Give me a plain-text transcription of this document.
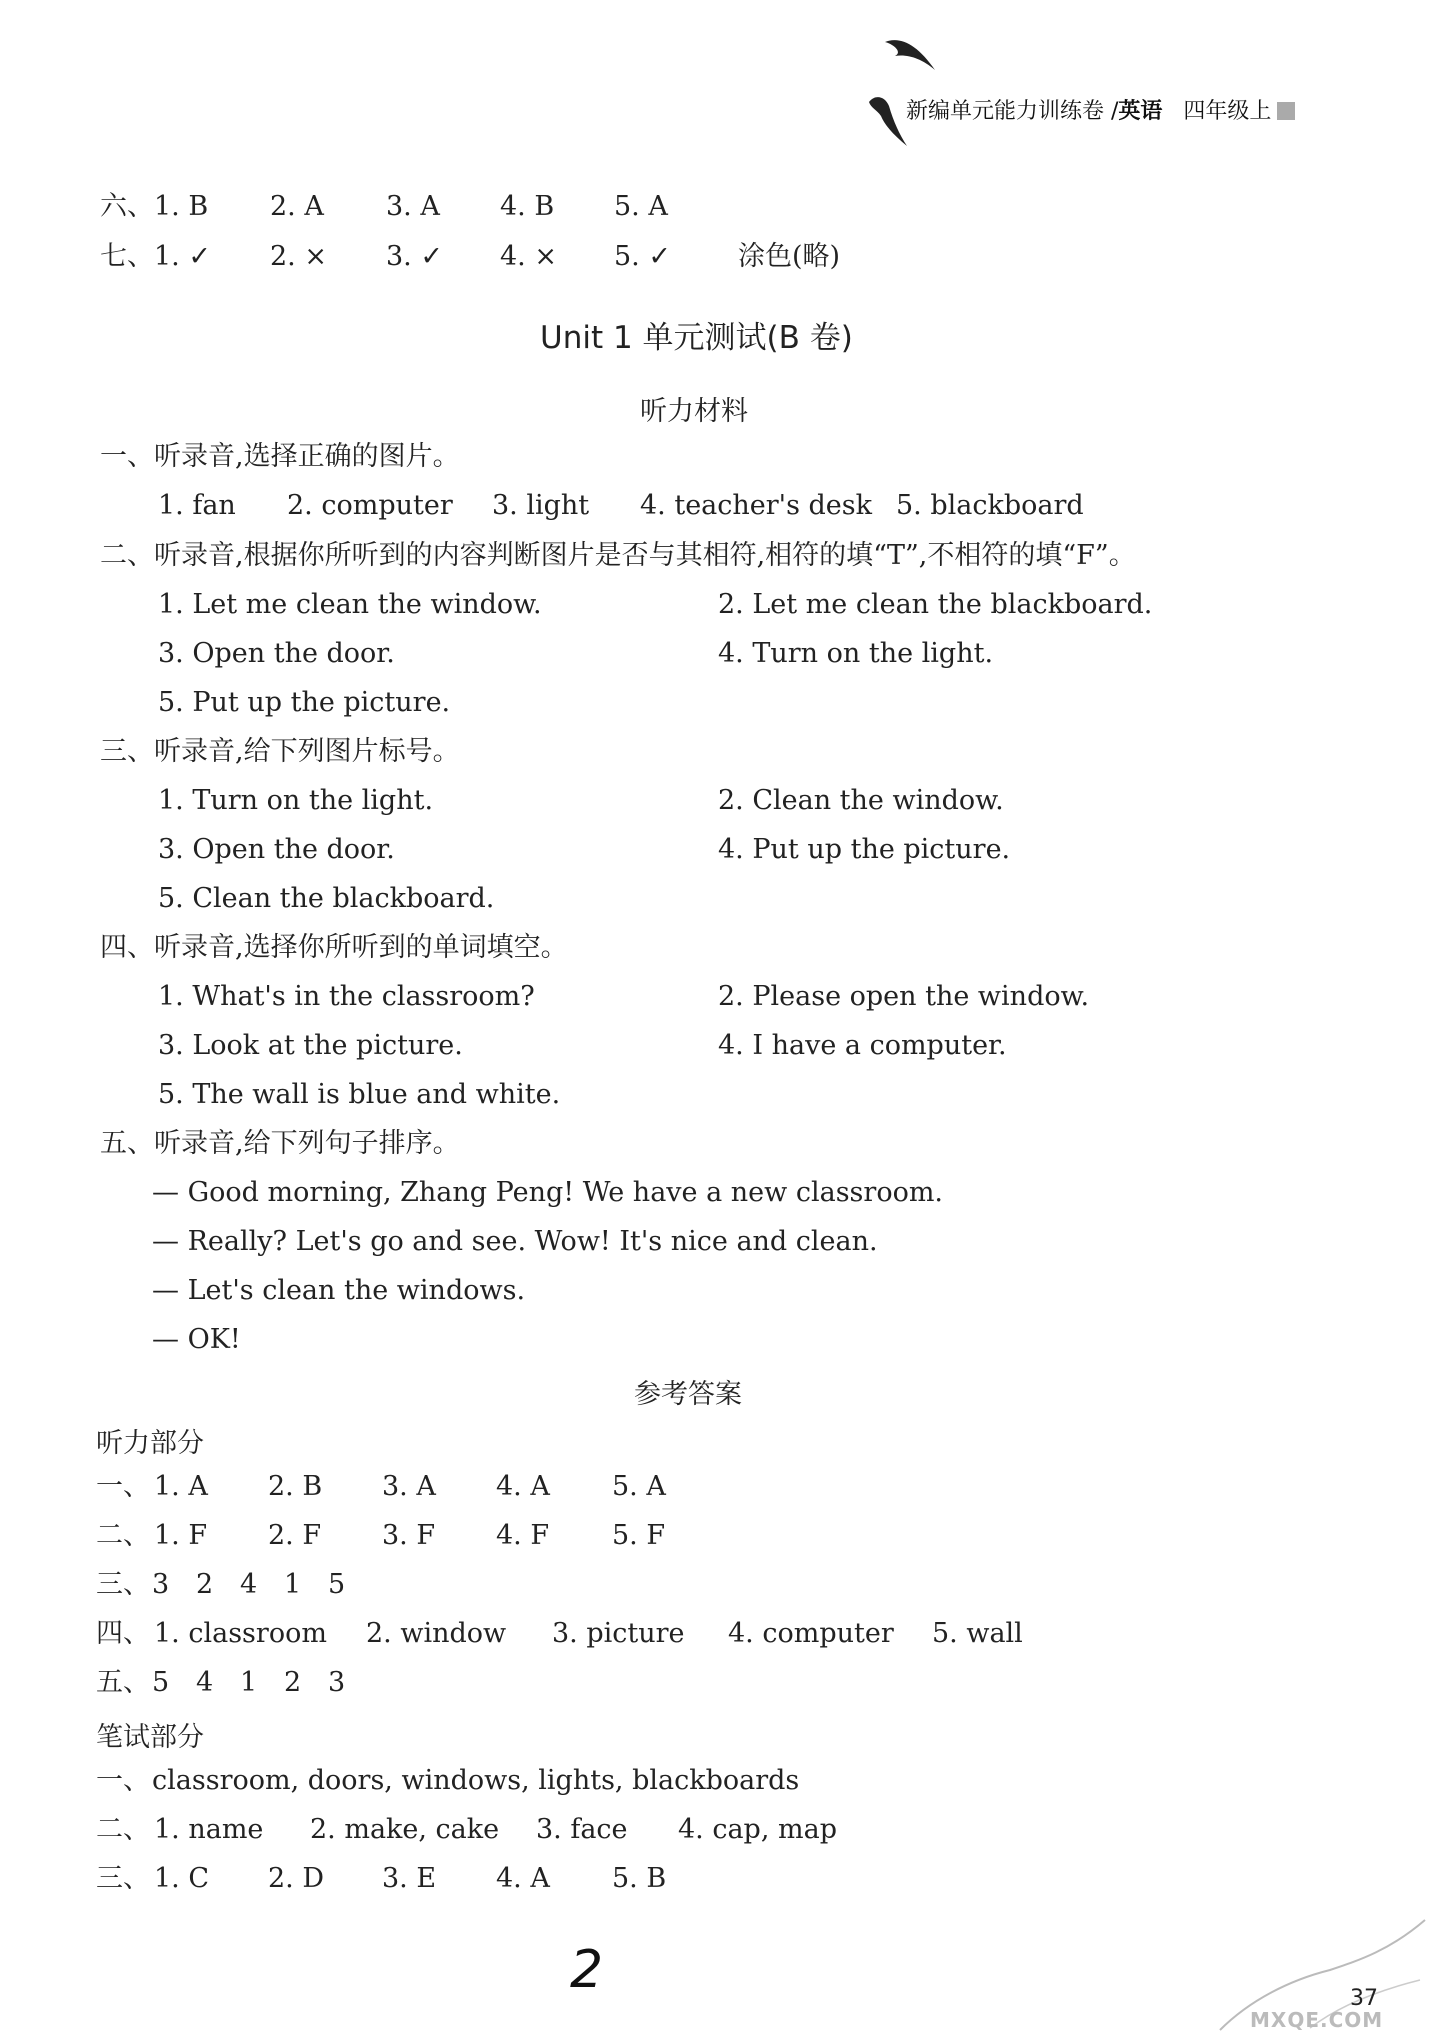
新编单元能力训练卷 /英语 四年级上
六、 1. B 2. A 3. A 4. B 5. A
七、 1. ✓ 2. × 3. ✓ 4. × 5. ✓ 涂色(略)
Unit 1 单元测试(B 卷)
听力材料
一、听录音,选择正确的图片。
1. fan 2. computer 3. light 4. teacher's desk 5. blackboard
二、听录音,根据你所听到的内容判断图片是否与其相符,相符的填“T”,不相符的填“F”。
1. Let me clean the window.	2. Let me clean the blackboard.
3. Open the door.	4. Turn on the light.
5. Put up the picture.
三、听录音,给下列图片标号。
1. Turn on the light.	2. Clean the window.
3. Open the door.	4. Put up the picture.
5. Clean the blackboard.
四、听录音,选择你所听到的单词填空。
1. What's in the classroom?	2. Please open the window.
3. Look at the picture.	4. I have a computer.
5. The wall is blue and white.
五、听录音,给下列句子排序。
— Good morning, Zhang Peng! We have a new classroom.
— Really? Let's go and see. Wow! It's nice and clean.
— Let's clean the windows.
— OK!
参考答案
听力部分
一、 1. A 2. B 3. A 4. A 5. A
二、 1. F 2. F 3. F 4. F 5. F
三、 3 2 4 1 5
四、 1. classroom 2. window 3. picture 4. computer 5. wall
五、 5 4 1 2 3
笔试部分
一、 classroom, doors, windows, lights, blackboards
二、 1. name 2. make, cake 3. face 4. cap, map
三、 1. C 2. D 3. E 4. A 5. B
2
MXQE.COM
37
